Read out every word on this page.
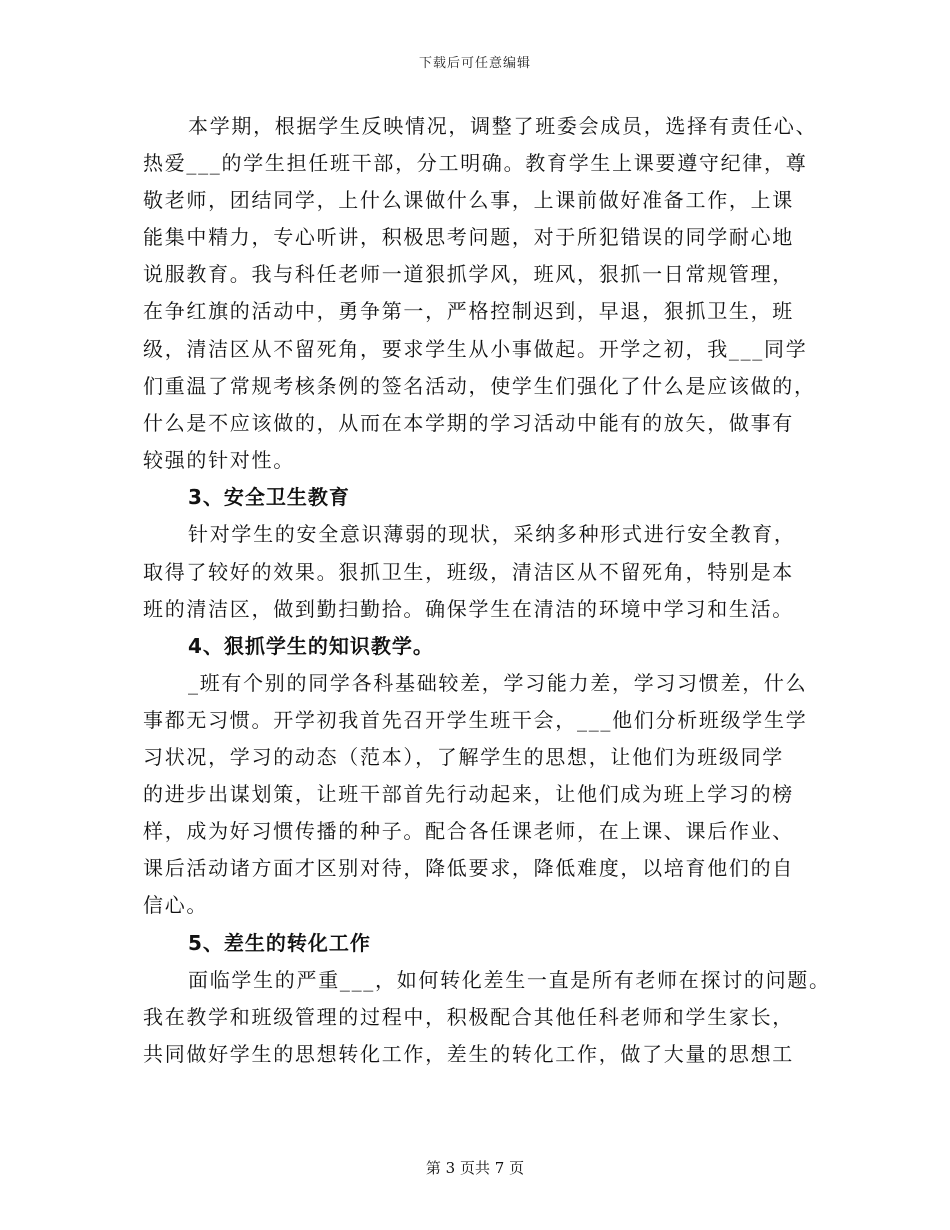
下载后可任意编辑
本学期，根据学生反映情况，调整了班委会成员，选择有责任心、
热爱___的学生担任班干部，分工明确。教育学生上课要遵守纪律，尊
敬老师，团结同学，上什么课做什么事，上课前做好准备工作，上课
能集中精力，专心听讲，积极思考问题，对于所犯错误的同学耐心地
说服教育。我与科任老师一道狠抓学风，班风，狠抓一日常规管理，
在争红旗的活动中，勇争第一，严格控制迟到，早退，狠抓卫生，班
级，清洁区从不留死角，要求学生从小事做起。开学之初，我___同学
们重温了常规考核条例的签名活动，使学生们强化了什么是应该做的，
什么是不应该做的，从而在本学期的学习活动中能有的放矢，做事有
较强的针对性。
3、安全卫生教育
针对学生的安全意识薄弱的现状，采纳多种形式进行安全教育，
取得了较好的效果。狠抓卫生，班级，清洁区从不留死角，特别是本
班的清洁区，做到勤扫勤拾。确保学生在清洁的环境中学习和生活。
4、狠抓学生的知识教学。
_班有个别的同学各科基础较差，学习能力差，学习习惯差，什么
事都无习惯。开学初我首先召开学生班干会，___他们分析班级学生学
习状况，学习的动态（范本），了解学生的思想，让他们为班级同学
的进步出谋划策，让班干部首先行动起来，让他们成为班上学习的榜
样，成为好习惯传播的种子。配合各任课老师，在上课、课后作业、
课后活动诸方面才区别对待，降低要求，降低难度，以培育他们的自
信心。
5、差生的转化工作
面临学生的严重___，如何转化差生一直是所有老师在探讨的问题。
我在教学和班级管理的过程中，积极配合其他任科老师和学生家长，
共同做好学生的思想转化工作，差生的转化工作，做了大量的思想工
第 3 页共 7 页
